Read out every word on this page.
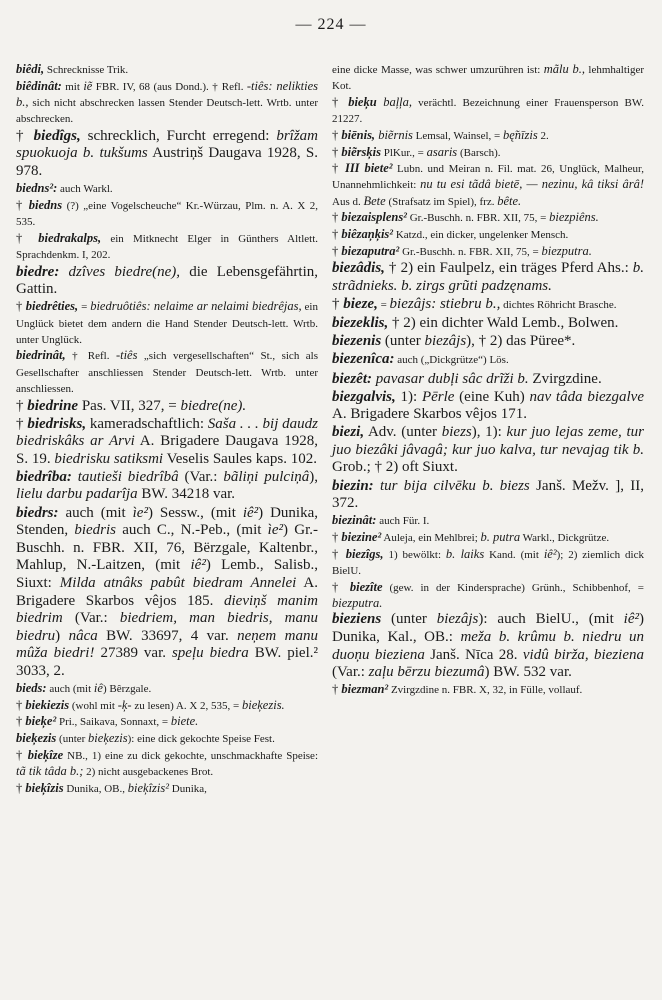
— 224 —

biêdi, Schrecknisse Trik.

biêdinât: mit iẽ FBR. IV, 68 (aus Dond.). † Refl. -tiês: nelikties b., sich nicht abschrecken lassen Stender Deutsch-lett. Wrtb. unter abschrecken.

† biedîgs, schrecklich, Furcht erregend: brîžam spuokuoja b. tukšums Austriņš Daugava 1928, S. 978.

biedns²: auch Warkl.

† biedns (?) „eine Vogelscheuche“ Kr.-Würzau, Plm. n. A. X 2, 535.

† biedrakalps, ein Mitknecht Elger in Günthers Altlett. Sprachdenkm. I, 202.

biedre: dzîves biedre(ne), die Lebensgefährtin, Gattin.

† biedrêties, = biedruôtiês: nelaime ar nelaimi biedrêjas, ein Unglück bietet dem andern die Hand Stender Deutsch-lett. Wrtb. unter Unglück.

biedrinât, † Refl. -tiês „sich vergesellschaften“ St., sich als Gesellschafter anschliessen Stender Deutsch-lett. Wrtb. unter anschliessen.

† biedrine Pas. VII, 327, = biedre(ne).

† biedrisks, kameradschaftlich: Saša . . . bij daudz biedriskâks ar Arvi A. Brigadere Daugava 1928, S. 19. biedrisku satiksmi Veselis Saules kaps. 102.

biedrîba: tautieši biedrîbâ (Var.: bãliņi pulciņâ), lielu darbu padarîja BW. 34218 var.

biedrs: auch (mit ìe²) Sessw., (mit iê²) Dunika, Stenden, biedris auch C., N.-Peb., (mit ìe²) Gr.-Buschh. n. FBR. XII, 76, Bërzgale, Kaltenbr., Mahlup, N.-Laitzen, (mit iê²) Lemb., Salisb., Siuxt: Milda atnâks pabût biedram Annelei A. Brigadere Skarbos vêjos 185. dieviņš manim biedrim (Var.: biedriem, man biedris, manu biedru) nâca BW. 33697, 4 var. neņem manu mûža biedri! 27389 var. speļu biedra BW. piel.² 3033, 2.

bieds: auch (mit iê) Bêrzgale.

† biekiezis (wohl mit -ķ- zu lesen) A. X 2, 535, = bieķezis.

† bieķe² Pri., Saikava, Sonnaxt, = biete.

bieķezis (unter bieķezis): eine dick gekochte Speise Fest.

† bieķîze NB., 1) eine zu dick gekochte, unschmackhafte Speise: tã tik tâda b.; 2) nicht ausgebackenes Brot.

† bieķîzis Dunika, OB., bieķîzis² Dunika,

eine dicke Masse, was schwer umzurühren ist: mãlu b., lehmhaltiger Kot.

† bieķu baļļa, verächtl. Bezeichnung einer Frauensperson BW. 21227.

† biēnis, biẽrnis Lemsal, Wainsel, = bę̃nīzis 2.

† biẽrsķis PlKur., = asaris (Barsch).

† III biete² Lubn. und Meiran n. Fil. mat. 26, Unglück, Malheur, Unannehmlichkeit: nu tu esi tãdâ bietē, — nezinu, kâ tiksi ârâ! Aus d. Bete (Strafsatz im Spiel), frz. bête.

† biezaisplens² Gr.-Buschh. n. FBR. XII, 75, = biezpiêns.

† biêzaņķis² Katzd., ein dicker, ungelenker Mensch.

† biezaputra² Gr.-Buschh. n. FBR. XII, 75, = biezputra.

biezâdis, † 2) ein Faulpelz, ein träges Pferd Ahs.: b. strãdnieks. b. zirgs grũti padzęnams.

† bieze, = biezâjs: stiebru b., dichtes Röhricht Brasche.

biezeklis, † 2) ein dichter Wald Lemb., Bolwen.

biezenis (unter biezâjs), † 2) das Püree*.

biezenîca: auch („Dickgrütze“) Lös.

biezêt: pavasar dubļi sâc drĩži b. Zvirgzdine.

biezgalvis, 1): Pērle (eine Kuh) nav tâda biezgalve A. Brigadere Skarbos vêjos 171.

biezi, Adv. (unter biezs), 1): kur juo lejas zeme, tur juo biezâki jâvagâ; kur juo kalva, tur nevajag tik b. Grob.; † 2) oft Siuxt.

biezin: tur bija cilvēku b. biezs Janš. Mežv. ], II, 372.

biezinât: auch Für. I.

† biezine² Auleja, ein Mehlbrei; b. putra Warkl., Dickgrütze.

† biezîgs, 1) bewölkt: b. laiks Kand. (mit iê²); 2) ziemlich dick BielU.

† biezîte (gew. in der Kindersprache) Grünh., Schibbenhof, = biezputra.

bieziens (unter biezâjs): auch BielU., (mit iê²) Dunika, Kal., OB.: meža b. krûmu b. niedru un duoņu bieziena Janš. Nīca 28. vidû birža, bieziena (Var.: zaļu bērzu biezumâ) BW. 532 var.

† biezman² Zvirgzdine n. FBR. X, 32, in Fülle, vollauf.
